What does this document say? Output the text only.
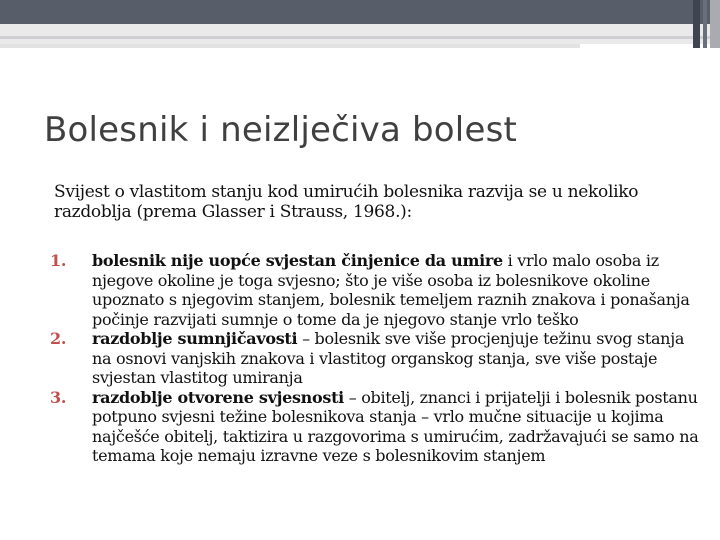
Bolesnik i neizlječiva bolest
Svijest o vlastitom stanju kod umirućih bolesnika razvija se u nekoliko razdoblja (prema Glasser i Strauss, 1968.):
1. bolesnik nije uopće svjestan činjenice da umire i vrlo malo osoba iz njegove okoline je toga svjesno; što je više osoba iz bolesnikove okoline upoznato s njegovim stanjem, bolesnik temeljem raznih znakova i ponašanja počinje razvijati sumnje o tome da je njegovo stanje vrlo teško
2. razdoblje sumnjičavosti – bolesnik sve više procjenjuje težinu svog stanja na osnovi vanjskih znakova i vlastitog organskog stanja, sve više postaje svjestan vlastitog umiranja
3. razdoblje otvorene svjesnosti – obitelj, znanci i prijatelji i bolesnik postanu potpuno svjesni težine bolesnikova stanja – vrlo mučne situacije u kojima najčešće obitelj, taktizira u razgovorima s umirućim, zadržavajući se samo na temama koje nemaju izravne veze s bolesnikovim stanjem
